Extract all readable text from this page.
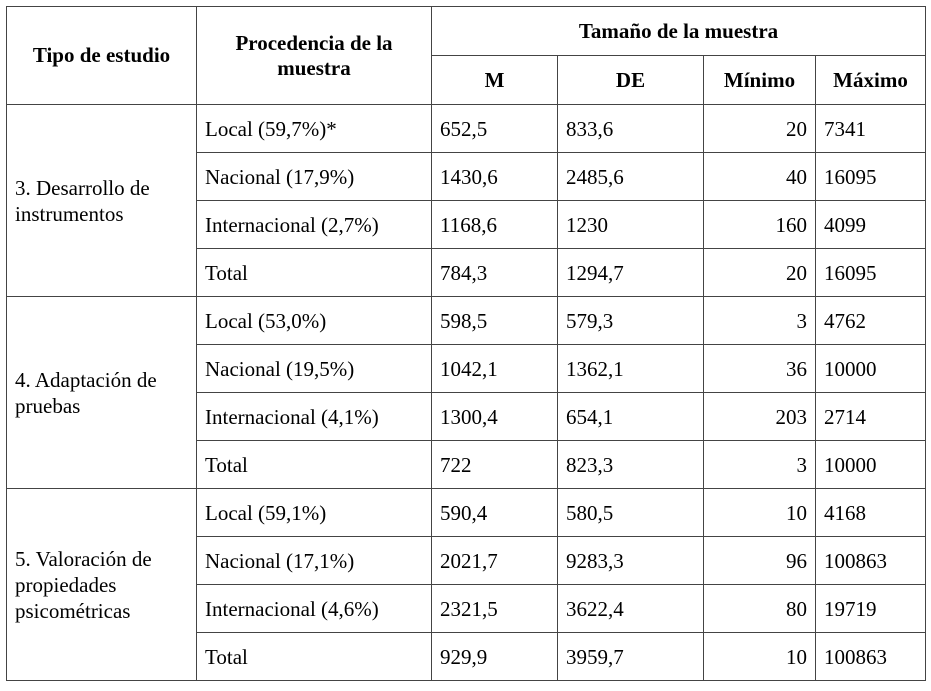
Tipo de estudio	Procedencia de la muestra	Tamaño de la muestra			
		M	DE	Mínimo	Máximo

3. Desarrollo de instrumentos	Local (59,7%)*	652,5	833,6	20	7341
	Nacional (17,9%)	1430,6	2485,6	40	16095
	Internacional (2,7%)	1168,6	1230	160	4099
	Total	784,3	1294,7	20	16095

4. Adaptación de pruebas	Local (53,0%)	598,5	579,3	3	4762
	Nacional (19,5%)	1042,1	1362,1	36	10000
	Internacional (4,1%)	1300,4	654,1	203	2714
	Total	722	823,3	3	10000

5. Valoración de propiedades psicométricas	Local (59,1%)	590,4	580,5	10	4168
	Nacional (17,1%)	2021,7	9283,3	96	100863
	Internacional (4,6%)	2321,5	3622,4	80	19719
	Total	929,9	3959,7	10	100863
